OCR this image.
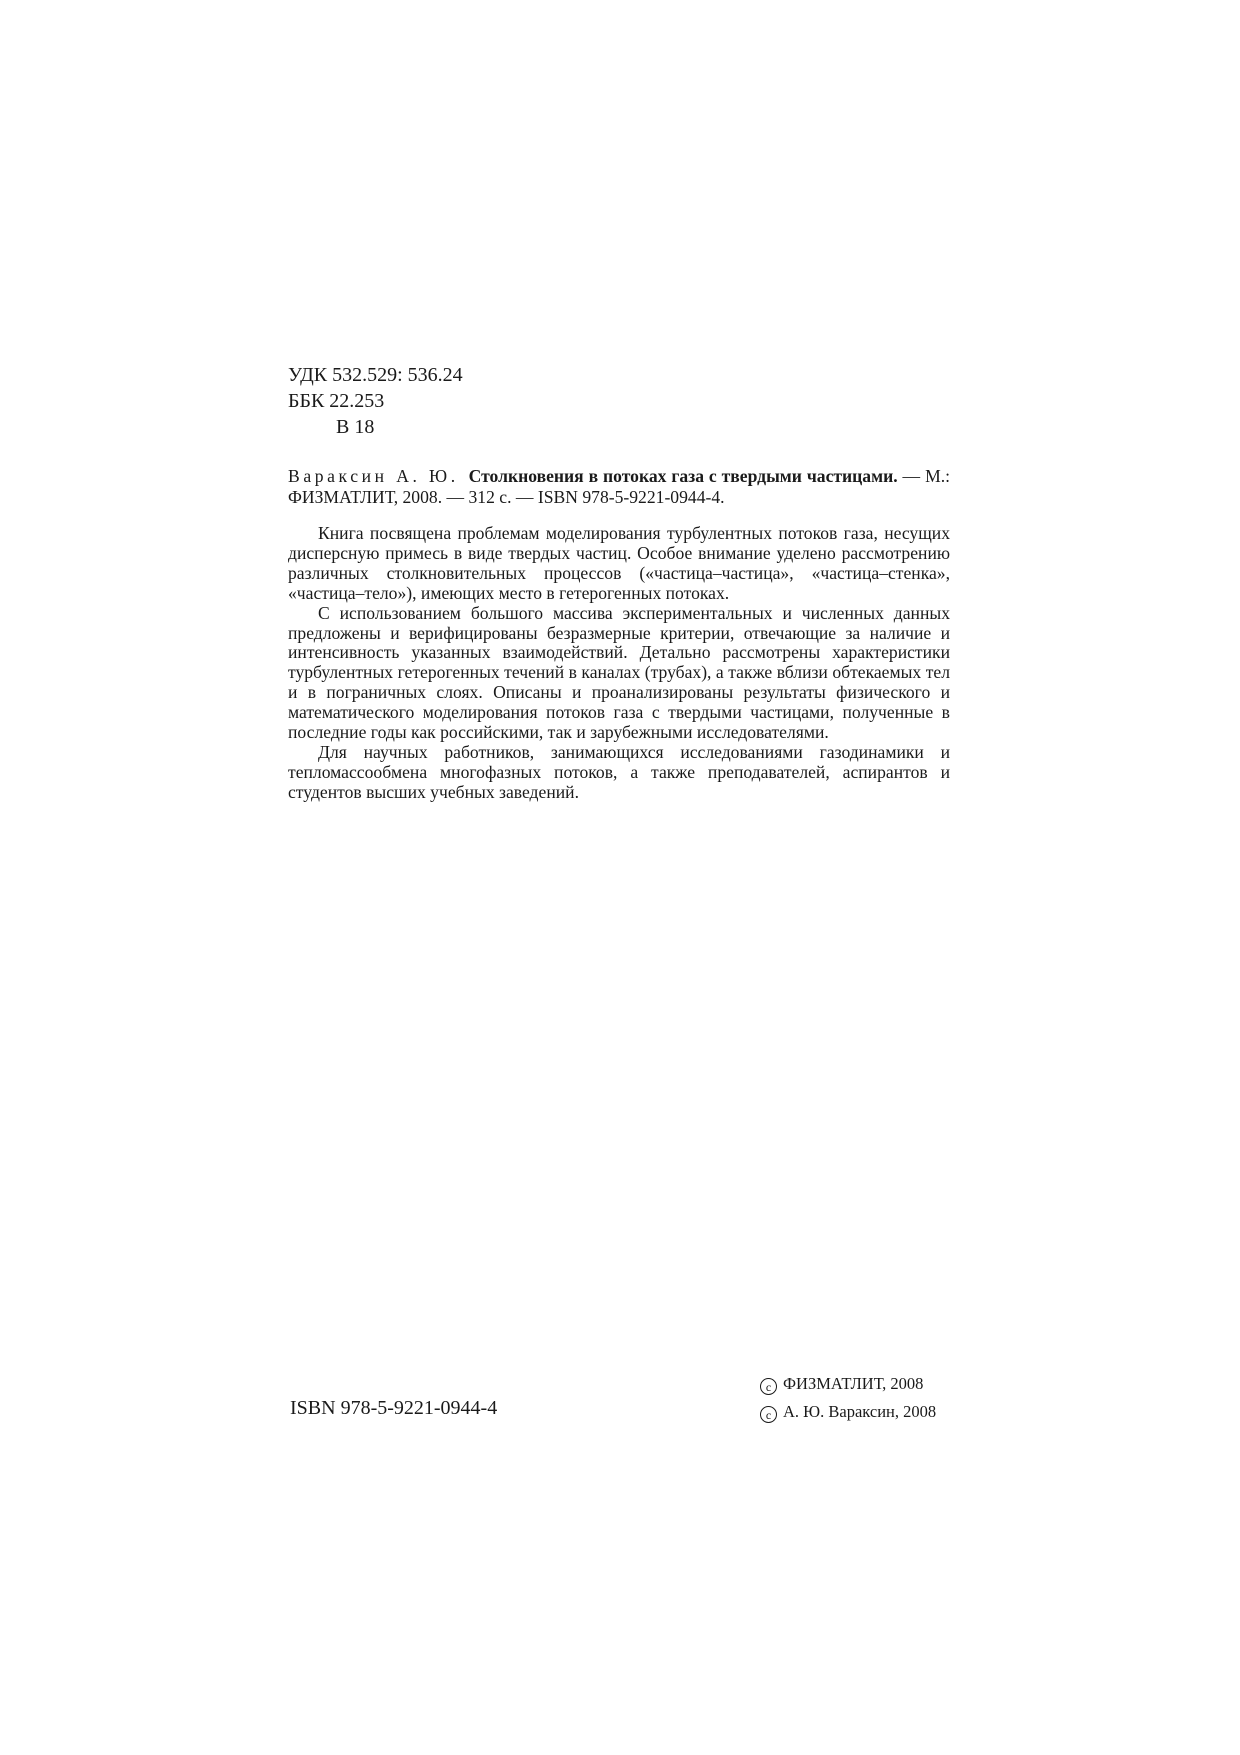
УДК 532.529: 536.24
ББК 22.253
В 18
Вараксин А. Ю. Столкновения в потоках газа с твердыми частицами. — М.: ФИЗМАТЛИТ, 2008. — 312 с. — ISBN 978-5-9221-0944-4.

Книга посвящена проблемам моделирования турбулентных потоков газа, несущих дисперсную примесь в виде твердых частиц. Особое внимание уделено рассмотрению различных столкновительных процессов («частица–частица», «частица–стенка», «частица–тело»), имеющих место в гетерогенных потоках.

С использованием большого массива экспериментальных и численных данных предложены и верифицированы безразмерные критерии, отвечающие за наличие и интенсивность указанных взаимодействий. Детально рассмотрены характеристики турбулентных гетерогенных течений в каналах (трубах), а также вблизи обтекаемых тел и в пограничных слоях. Описаны и проанализированы результаты физического и математического моделирования потоков газа с твердыми частицами, полученные в последние годы как российскими, так и зарубежными исследователями.

Для научных работников, занимающихся исследованиями газодинамики и тепломассообмена многофазных потоков, а также преподавателей, аспирантов и студентов высших учебных заведений.

ISBN 978-5-9221-0944-4
c ФИЗМАТЛИТ, 2008
c А. Ю. Вараксин, 2008
